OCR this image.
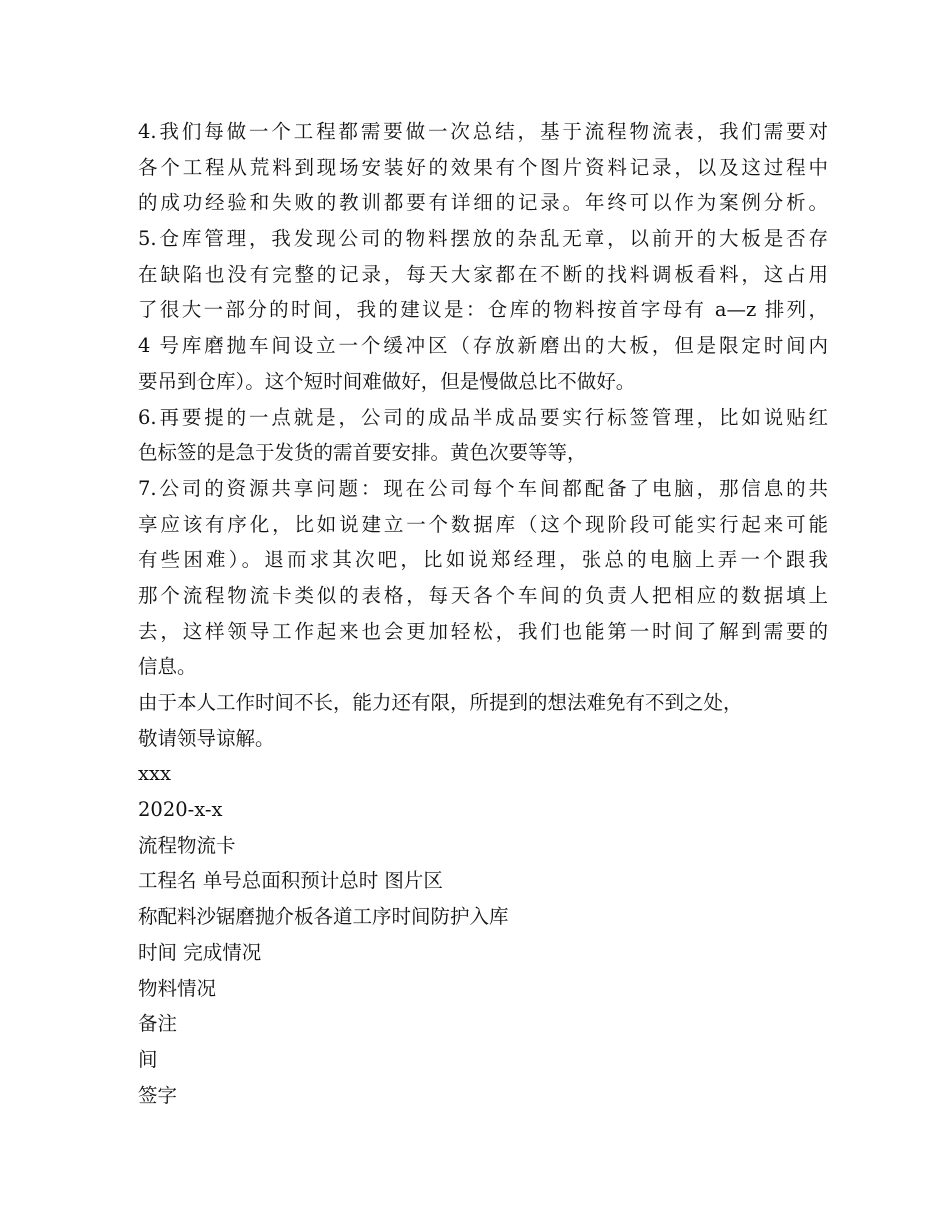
4.我们每做一个工程都需要做一次总结，基于流程物流表，我们需要对
各个工程从荒料到现场安装好的效果有个图片资料记录，以及这过程中
的成功经验和失败的教训都要有详细的记录。年终可以作为案例分析。
5.仓库管理，我发现公司的物料摆放的杂乱无章，以前开的大板是否存
在缺陷也没有完整的记录，每天大家都在不断的找料调板看料，这占用
了很大一部分的时间，我的建议是：仓库的物料按首字母有 a—z 排列，
4 号库磨抛车间设立一个缓冲区（存放新磨出的大板，但是限定时间内
要吊到仓库）。这个短时间难做好，但是慢做总比不做好。
6.再要提的一点就是，公司的成品半成品要实行标签管理，比如说贴红
色标签的是急于发货的需首要安排。黄色次要等等，
7.公司的资源共享问题：现在公司每个车间都配备了电脑，那信息的共
享应该有序化，比如说建立一个数据库（这个现阶段可能实行起来可能
有些困难）。退而求其次吧，比如说郑经理，张总的电脑上弄一个跟我
那个流程物流卡类似的表格，每天各个车间的负责人把相应的数据填上
去，这样领导工作起来也会更加轻松，我们也能第一时间了解到需要的
信息。
由于本人工作时间不长，能力还有限，所提到的想法难免有不到之处，
敬请领导谅解。
xxx
2020-x-x
流程物流卡
工程名 单号总面积预计总时 图片区
称配料沙锯磨抛介板各道工序时间防护入库
时间 完成情况
物料情况
备注
间
签字
